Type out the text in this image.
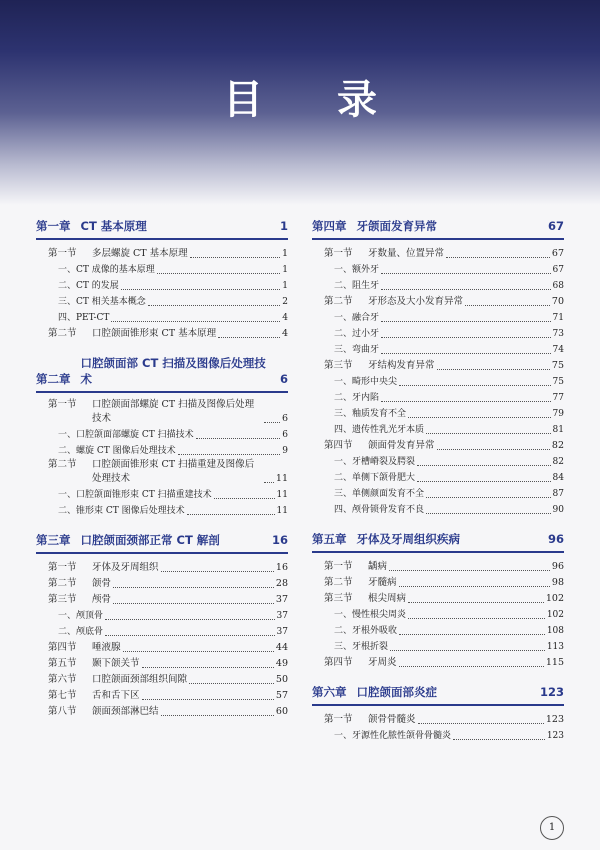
目 录
第一章 CT 基本原理	1
第一节	多层螺旋 CT 基本原理	1
一、CT 成像的基本原理	1
二、CT 的发展	1
三、CT 相关基本概念	2
四、PET-CT	4
第二节	口腔颌面锥形束 CT 基本原理	4
第二章
口腔颌面部 CT 扫描及图像后处理技术	6
第一节	口腔颌面部螺旋 CT 扫描及图像后处理技术	6
一、口腔颌面部螺旋 CT 扫描技术	6
二、螺旋 CT 图像后处理技术	9
第二节	口腔颌面锥形束 CT 扫描重建及图像后处理技术	11
一、口腔颌面锥形束 CT 扫描重建技术	11
二、锥形束 CT 图像后处理技术	11
第三章 口腔颌面颈部正常 CT 解剖	16
第一节	牙体及牙周组织	16
第二节	颌骨	28
第三节	颅骨	37
一、颅顶骨	37
二、颅底骨	37
第四节	唾液腺	44
第五节	颞下颌关节	49
第六节	口腔颌面颈部组织间隙	50
第七节	舌和舌下区	57
第八节	颌面颈部淋巴结	60
第四章 牙颌面发育异常	67
第一节	牙数量、位置异常	67
一、额外牙	67
二、阻生牙	68
第二节	牙形态及大小发育异常	70
一、融合牙	71
二、过小牙	73
三、弯曲牙	74
第三节	牙结构发育异常	75
一、畸形中央尖	75
二、牙内陷	77
三、釉质发育不全	79
四、遗传性乳光牙本质	81
第四节	颌面骨发育异常	82
一、牙槽嵴裂及腭裂	82
二、单侧下颌骨肥大	84
三、单侧颜面发育不全	87
四、颅骨锁骨发育不良	90
第五章 牙体及牙周组织疾病	96
第一节	龋病	96
第二节	牙髓病	98
第三节	根尖周病	102
一、慢性根尖周炎	102
二、牙根外吸收	108
三、牙根折裂	113
第四节	牙周炎	115
第六章 口腔颌面部炎症	123
第一节	颌骨骨髓炎	123
一、牙源性化脓性颌骨骨髓炎	123
1
